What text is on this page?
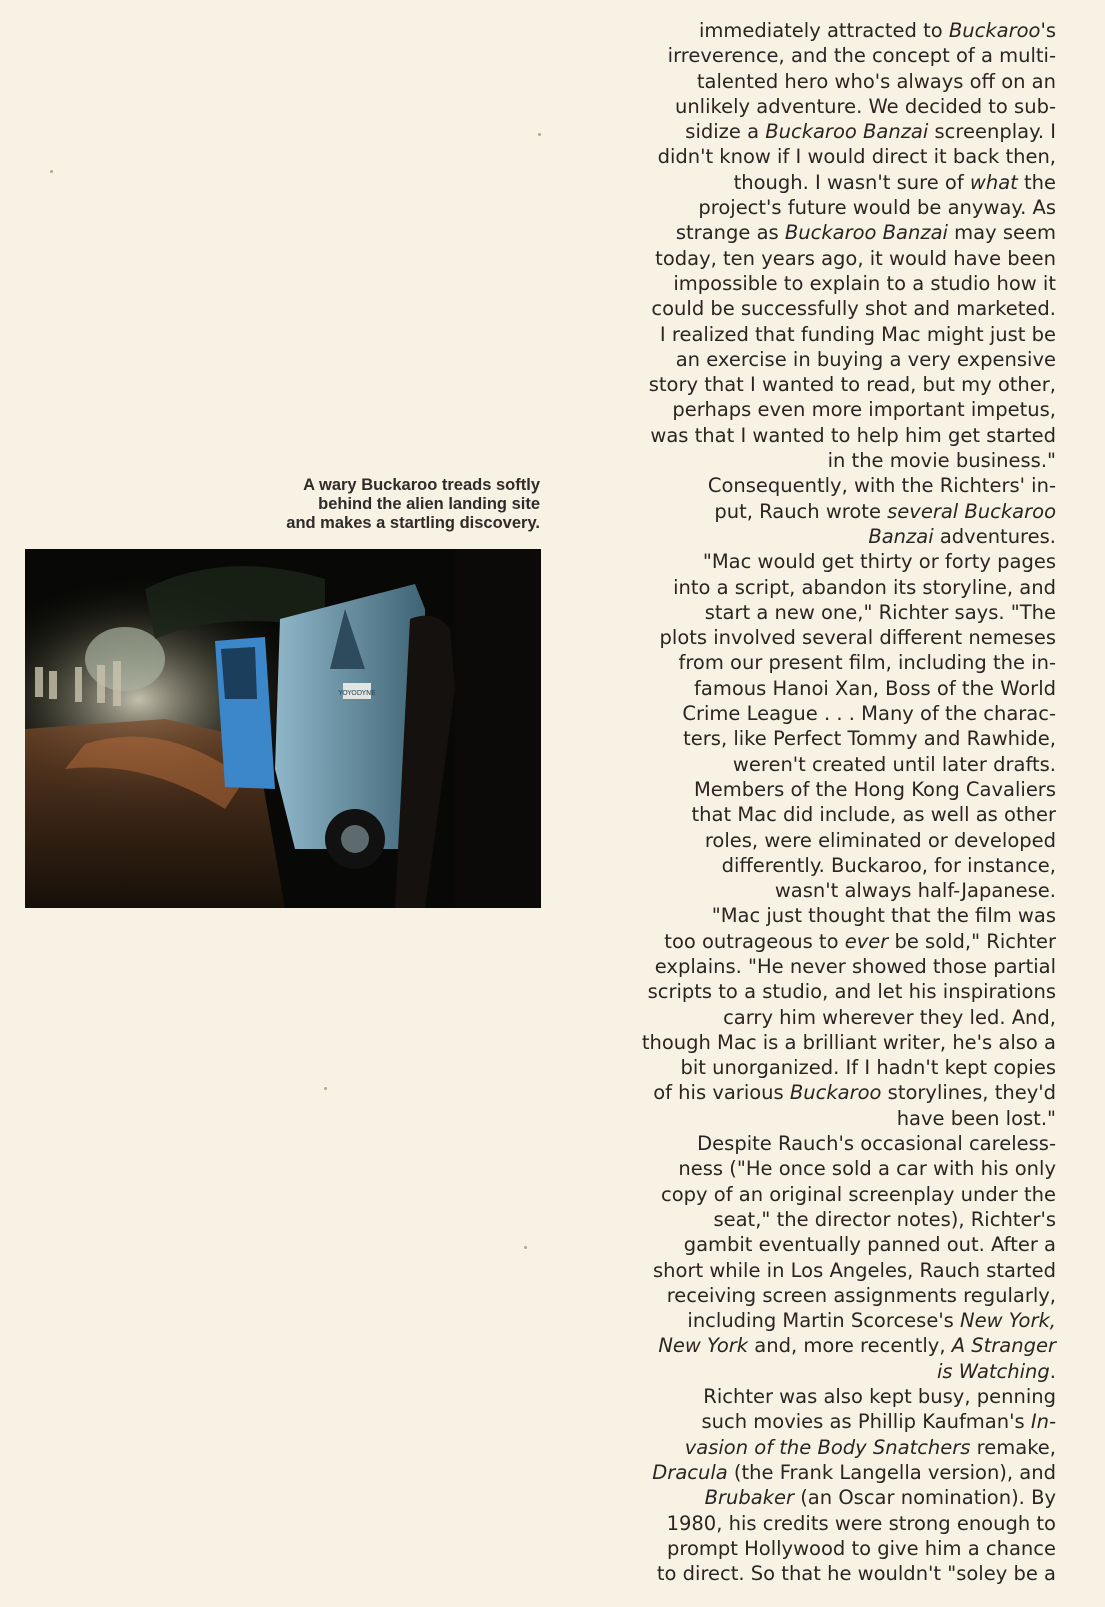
A wary Buckaroo treads softly
behind the alien landing site
and makes a startling discovery.
YOYODYNE
immediately attracted to Buckaroo's
irreverence, and the concept of a multi-
talented hero who's always off on an
unlikely adventure. We decided to sub-
sidize a Buckaroo Banzai screenplay. I
didn't know if I would direct it back then,
though. I wasn't sure of what the
project's future would be anyway. As
strange as Buckaroo Banzai may seem
today, ten years ago, it would have been
impossible to explain to a studio how it
could be successfully shot and marketed.
I realized that funding Mac might just be
an exercise in buying a very expensive
story that I wanted to read, but my other,
perhaps even more important impetus,
was that I wanted to help him get started
in the movie business."
Consequently, with the Richters' in-
put, Rauch wrote several Buckaroo
Banzai adventures.
"Mac would get thirty or forty pages
into a script, abandon its storyline, and
start a new one," Richter says. "The
plots involved several different nemeses
from our present film, including the in-
famous Hanoi Xan, Boss of the World
Crime League . . . Many of the charac-
ters, like Perfect Tommy and Rawhide,
weren't created until later drafts.
Members of the Hong Kong Cavaliers
that Mac did include, as well as other
roles, were eliminated or developed
differently. Buckaroo, for instance,
wasn't always half-Japanese.
"Mac just thought that the film was
too outrageous to ever be sold," Richter
explains. "He never showed those partial
scripts to a studio, and let his inspirations
carry him wherever they led. And,
though Mac is a brilliant writer, he's also a
bit unorganized. If I hadn't kept copies
of his various Buckaroo storylines, they'd
have been lost."
Despite Rauch's occasional careless-
ness ("He once sold a car with his only
copy of an original screenplay under the
seat," the director notes), Richter's
gambit eventually panned out. After a
short while in Los Angeles, Rauch started
receiving screen assignments regularly,
including Martin Scorcese's New York,
New York and, more recently, A Stranger
is Watching.
Richter was also kept busy, penning
such movies as Phillip Kaufman's In-
vasion of the Body Snatchers remake,
Dracula (the Frank Langella version), and
Brubaker (an Oscar nomination). By
1980, his credits were strong enough to
prompt Hollywood to give him a chance
to direct. So that he wouldn't "soley be a
